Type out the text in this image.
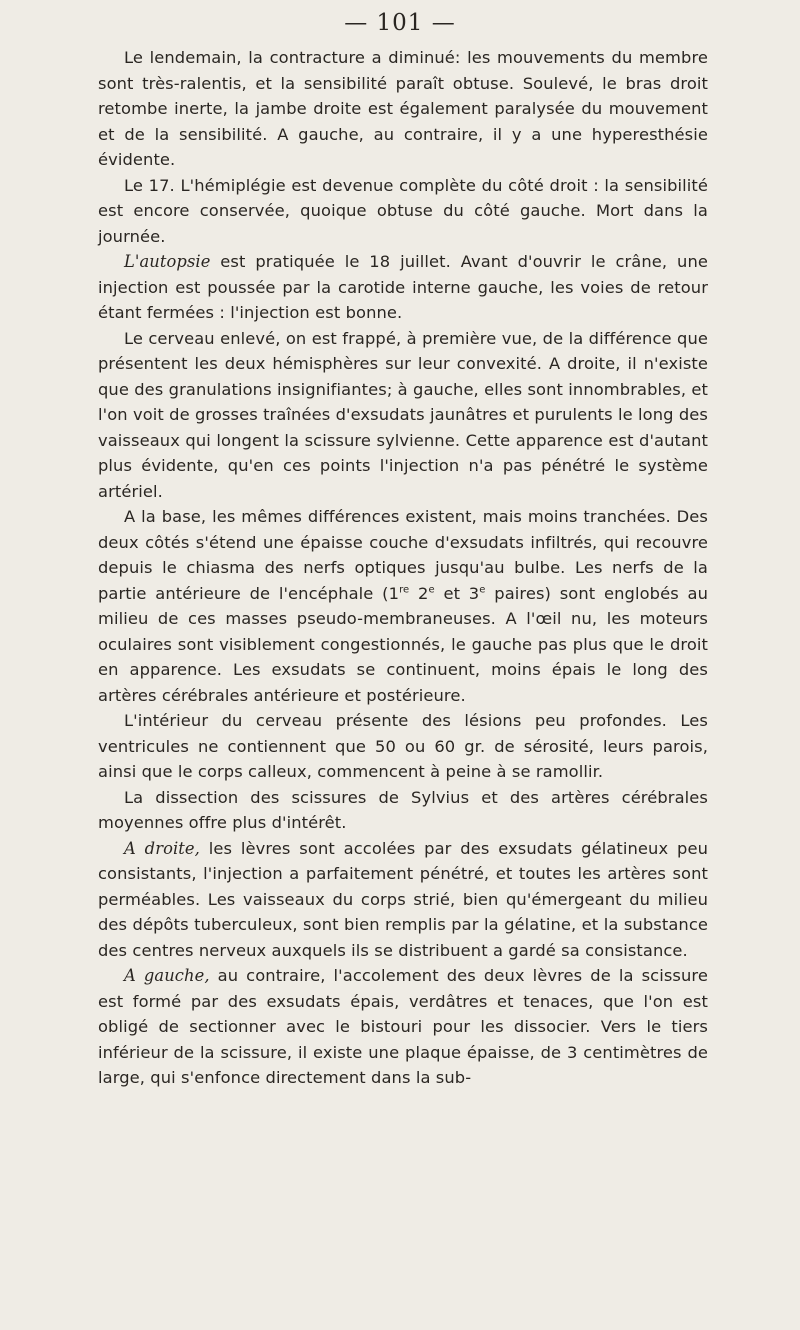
— 101 —

Le lendemain, la contracture a diminué: les mouvements du membre sont très-ralentis, et la sensibilité paraît obtuse. Soulevé, le bras droit retombe inerte, la jambe droite est également paralysée du mouvement et de la sensibilité. A gauche, au contraire, il y a une hyperesthésie évidente.

Le 17. L'hémiplégie est devenue complète du côté droit : la sensibilité est encore conservée, quoique obtuse du côté gauche. Mort dans la journée.

L'autopsie est pratiquée le 18 juillet. Avant d'ouvrir le crâne, une injection est poussée par la carotide interne gauche, les voies de retour étant fermées : l'injection est bonne.

Le cerveau enlevé, on est frappé, à première vue, de la différence que présentent les deux hémisphères sur leur convexité. A droite, il n'existe que des granulations insignifiantes; à gauche, elles sont innombrables, et l'on voit de grosses traînées d'exsudats jaunâtres et purulents le long des vaisseaux qui longent la scissure sylvienne. Cette apparence est d'autant plus évidente, qu'en ces points l'injection n'a pas pénétré le système artériel.

A la base, les mêmes différences existent, mais moins tranchées. Des deux côtés s'étend une épaisse couche d'exsudats infiltrés, qui recouvre depuis le chiasma des nerfs optiques jusqu'au bulbe. Les nerfs de la partie antérieure de l'encéphale (1re 2e et 3e paires) sont englobés au milieu de ces masses pseudo-membraneuses. A l'œil nu, les moteurs oculaires sont visiblement congestionnés, le gauche pas plus que le droit en apparence. Les exsudats se continuent, moins épais le long des artères cérébrales antérieure et postérieure.

L'intérieur du cerveau présente des lésions peu profondes. Les ventricules ne contiennent que 50 ou 60 gr. de sérosité, leurs parois, ainsi que le corps calleux, commencent à peine à se ramollir.

La dissection des scissures de Sylvius et des artères cérébrales moyennes offre plus d'intérêt.

A droite, les lèvres sont accolées par des exsudats gélatineux peu consistants, l'injection a parfaitement pénétré, et toutes les artères sont perméables. Les vaisseaux du corps strié, bien qu'émergeant du milieu des dépôts tuberculeux, sont bien remplis par la gélatine, et la substance des centres nerveux auxquels ils se distribuent a gardé sa consistance.

A gauche, au contraire, l'accolement des deux lèvres de la scissure est formé par des exsudats épais, verdâtres et tenaces, que l'on est obligé de sectionner avec le bistouri pour les dissocier. Vers le tiers inférieur de la scissure, il existe une plaque épaisse, de 3 centimètres de large, qui s'enfonce directement dans la sub-
